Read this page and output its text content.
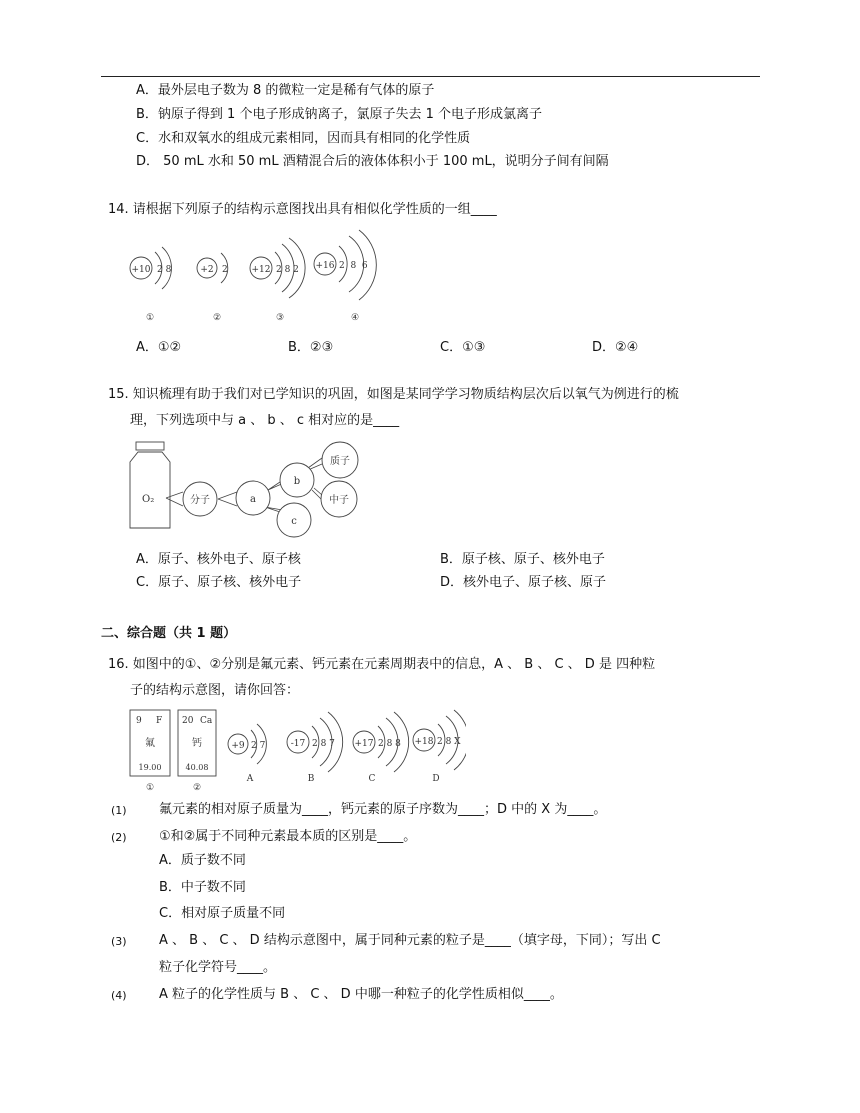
A．最外层电子数为 8 的微粒一定是稀有气体的原子
B．钠原子得到 1 个电子形成钠离子，氯原子失去 1 个电子形成氯离子
C．水和双氧水的组成元素相同，因而具有相同的化学性质
D． 50 mL 水和 50 mL 酒精混合后的液体体积小于 100 mL，说明分子间有间隔
14. 请根据下列原子的结构示意图找出具有相似化学性质的一组____
+10 2 8
①
+2 2
②
+12 2 8 2
③
+16 2  8  6
④
A．①②	B．②③	C．①③	D．②④
15. 知识梳理有助于我们对已学知识的巩固，如图是某同学学习物质结构层次后以氧气为例进行的梳
理，下列选项中与 a 、 b 、 c 相对应的是____
O₂	分子	a
b
c
质子
中子
A．原子、核外电子、原子核	B．原子核、原子、核外电子
C．原子、原子核、核外电子	D．核外电子、原子核、原子
二、综合题（共 1 题）
16. 如图中的①、②分别是氟元素、钙元素在元素周期表中的信息，A 、 B 、 C 、 D 是 四种粒
子的结构示意图，请你回答：
9 F
氟
19.00
①
20 Ca
钙
40.08
②
+9 2 7
A
-17 2 8 7
B
+17 2 8 8
C
+18 2 8 X
D
(1) 氟元素的相对原子质量为____，钙元素的原子序数为____；D 中的 X 为____。
(2) ①和②属于不同种元素最本质的区别是____。
A．质子数不同
B．中子数不同
C．相对原子质量不同
(3) A 、 B 、 C 、 D 结构示意图中，属于同种元素的粒子是____（填字母，下同）；写出 C
粒子化学符号____。
(4) A 粒子的化学性质与 B 、 C 、 D 中哪一种粒子的化学性质相似____。
